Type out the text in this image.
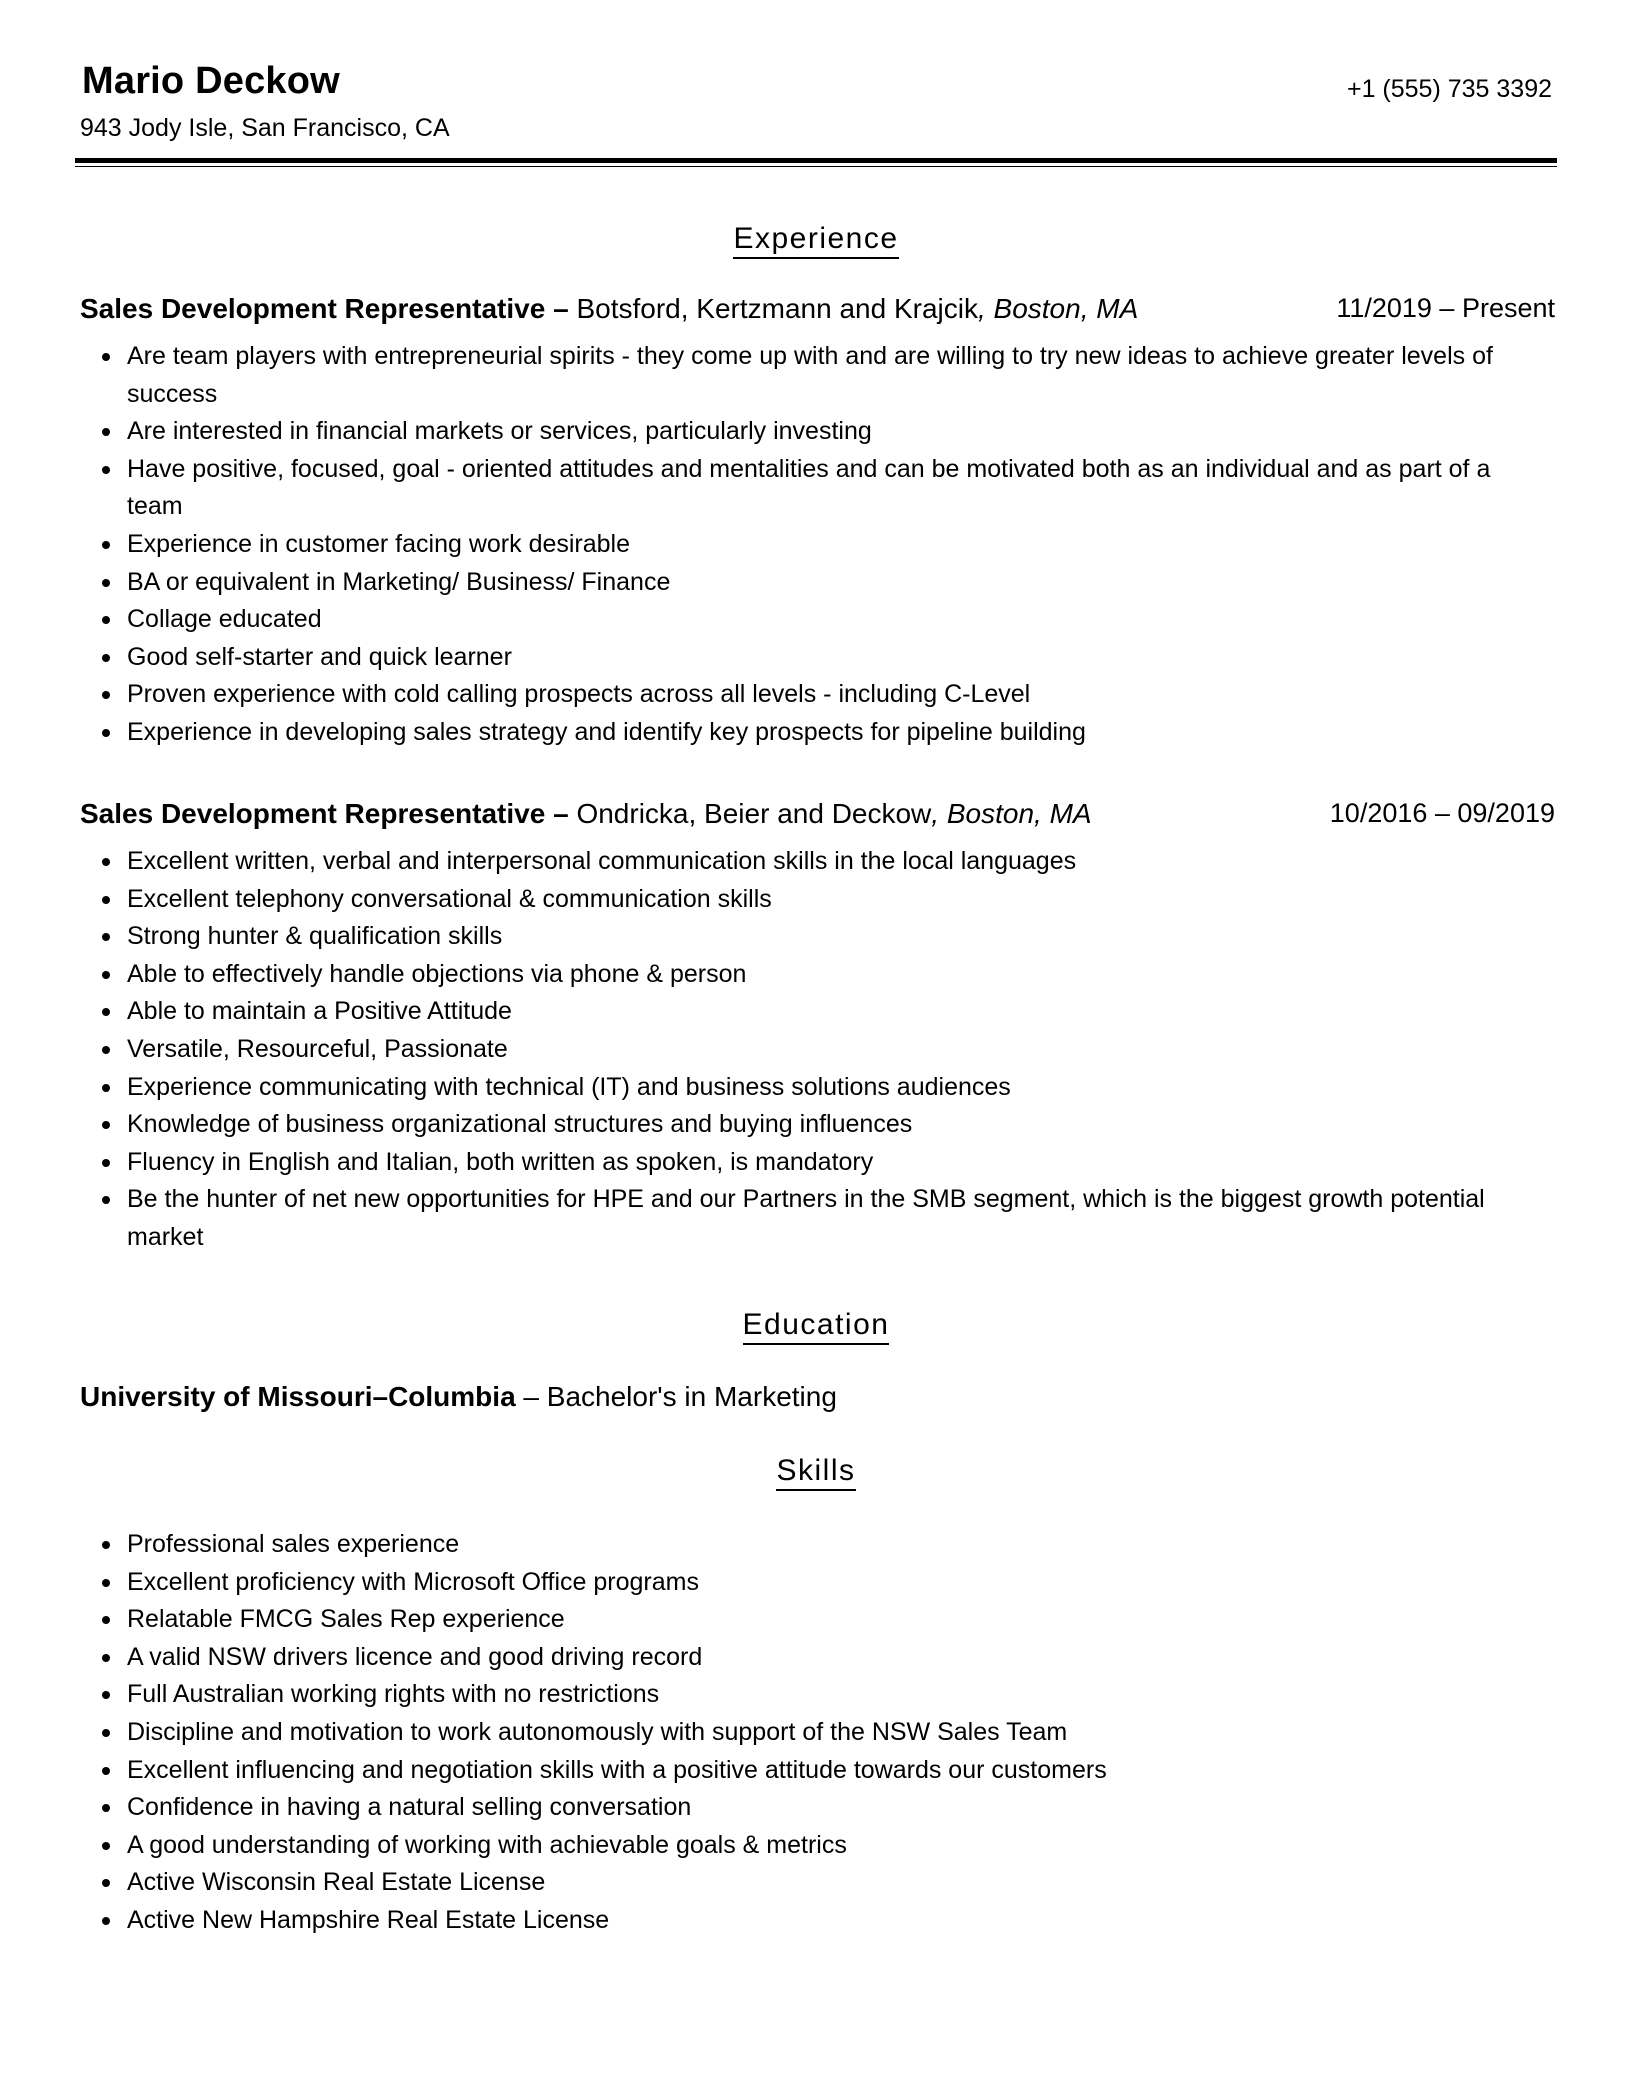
Mario Deckow	+1 (555) 735 3392
943 Jody Isle, San Francisco, CA
Experience
Sales Development Representative – Botsford, Kertzmann and Krajcik, Boston, MA	11/2019 – Present
Are team players with entrepreneurial spirits - they come up with and are willing to try new ideas to achieve greater levels of success
Are interested in financial markets or services, particularly investing
Have positive, focused, goal - oriented attitudes and mentalities and can be motivated both as an individual and as part of a team
Experience in customer facing work desirable
BA or equivalent in Marketing/ Business/ Finance
Collage educated
Good self-starter and quick learner
Proven experience with cold calling prospects across all levels - including C-Level
Experience in developing sales strategy and identify key prospects for pipeline building
Sales Development Representative – Ondricka, Beier and Deckow, Boston, MA	10/2016 – 09/2019
Excellent written, verbal and interpersonal communication skills in the local languages
Excellent telephony conversational & communication skills
Strong hunter & qualification skills
Able to effectively handle objections via phone & person
Able to maintain a Positive Attitude
Versatile, Resourceful, Passionate
Experience communicating with technical (IT) and business solutions audiences
Knowledge of business organizational structures and buying influences
Fluency in English and Italian, both written as spoken, is mandatory
Be the hunter of net new opportunities for HPE and our Partners in the SMB segment, which is the biggest growth potential market
Education
University of Missouri–Columbia – Bachelor's in Marketing
Skills
Professional sales experience
Excellent proficiency with Microsoft Office programs
Relatable FMCG Sales Rep experience
A valid NSW drivers licence and good driving record
Full Australian working rights with no restrictions
Discipline and motivation to work autonomously with support of the NSW Sales Team
Excellent influencing and negotiation skills with a positive attitude towards our customers
Confidence in having a natural selling conversation
A good understanding of working with achievable goals & metrics
Active Wisconsin Real Estate License
Active New Hampshire Real Estate License
